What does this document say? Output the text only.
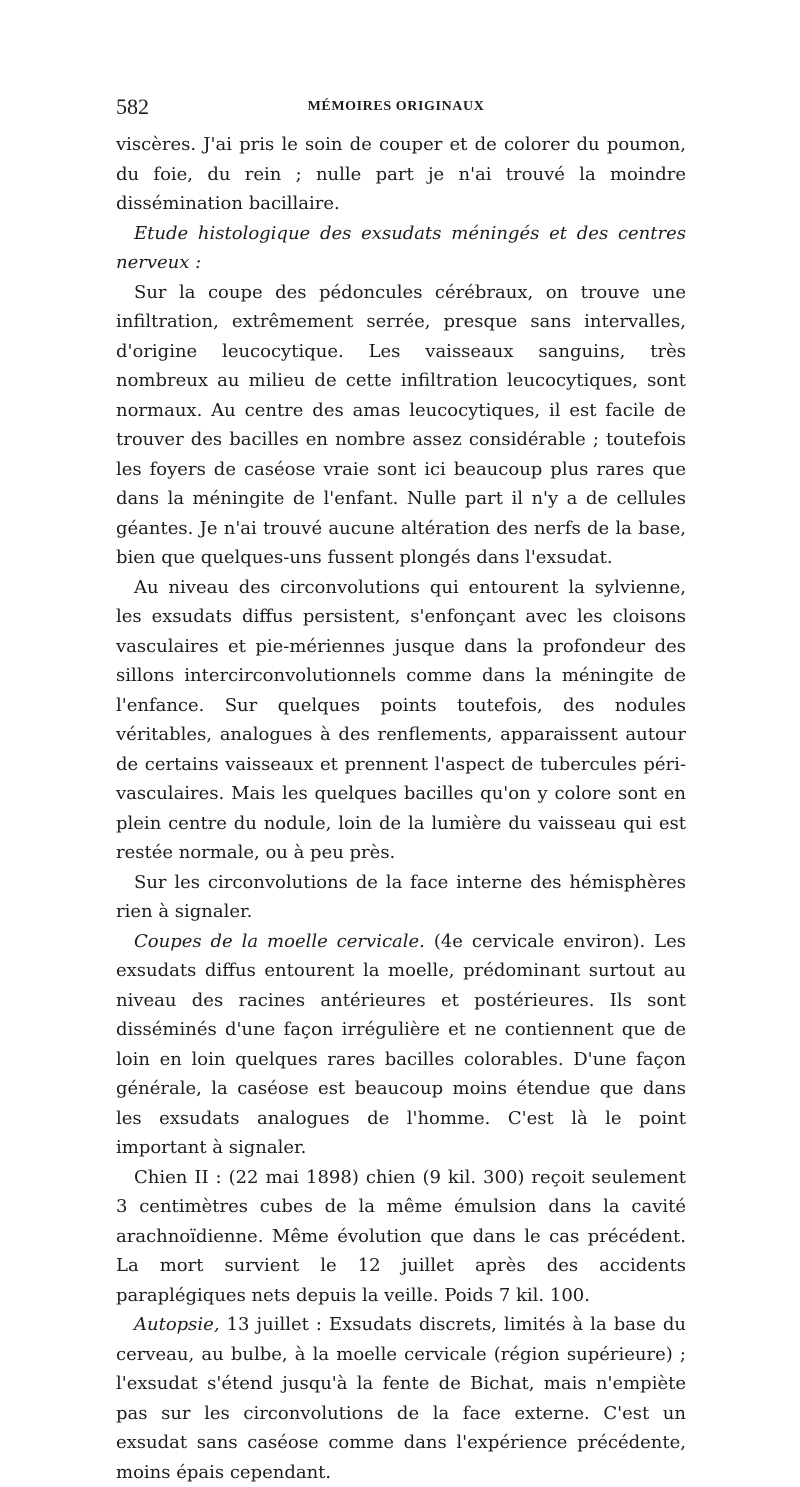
582	MÉMOIRES ORIGINAUX

viscères. J'ai pris le soin de couper et de colorer du poumon, du foie, du rein ; nulle part je n'ai trouvé la moindre dissémination bacillaire.

Etude histologique des exsudats méningés et des centres nerveux :

Sur la coupe des pédoncules cérébraux, on trouve une infiltration, extrêmement serrée, presque sans intervalles, d'origine leucocytique. Les vaisseaux sanguins, très nombreux au milieu de cette infiltration leucocytiques, sont normaux. Au centre des amas leucocytiques, il est facile de trouver des bacilles en nombre assez considérable ; toutefois les foyers de caséose vraie sont ici beaucoup plus rares que dans la méningite de l'enfant. Nulle part il n'y a de cellules géantes. Je n'ai trouvé aucune altération des nerfs de la base, bien que quelques-uns fussent plongés dans l'exsudat.

Au niveau des circonvolutions qui entourent la sylvienne, les exsudats diffus persistent, s'enfonçant avec les cloisons vasculaires et pie-mériennes jusque dans la profondeur des sillons intercirconvolutionnels comme dans la méningite de l'enfance. Sur quelques points toutefois, des nodules véritables, analogues à des renflements, apparaissent autour de certains vaisseaux et prennent l'aspect de tubercules péri-vasculaires. Mais les quelques bacilles qu'on y colore sont en plein centre du nodule, loin de la lumière du vaisseau qui est restée normale, ou à peu près.

Sur les circonvolutions de la face interne des hémisphères rien à signaler.

Coupes de la moelle cervicale. (4e cervicale environ). Les exsudats diffus entourent la moelle, prédominant surtout au niveau des racines antérieures et postérieures. Ils sont disséminés d'une façon irrégulière et ne contiennent que de loin en loin quelques rares bacilles colorables. D'une façon générale, la caséose est beaucoup moins étendue que dans les exsudats analogues de l'homme. C'est là le point important à signaler.

Chien II : (22 mai 1898) chien (9 kil. 300) reçoit seulement 3 centimètres cubes de la même émulsion dans la cavité arachnoïdienne. Même évolution que dans le cas précédent. La mort survient le 12 juillet après des accidents paraplégiques nets depuis la veille. Poids 7 kil. 100.

Autopsie, 13 juillet : Exsudats discrets, limités à la base du cerveau, au bulbe, à la moelle cervicale (région supérieure) ; l'exsudat s'étend jusqu'à la fente de Bichat, mais n'empiète pas sur les circonvolutions de la face externe. C'est un exsudat sans caséose comme dans l'expérience précédente, moins épais cependant.
